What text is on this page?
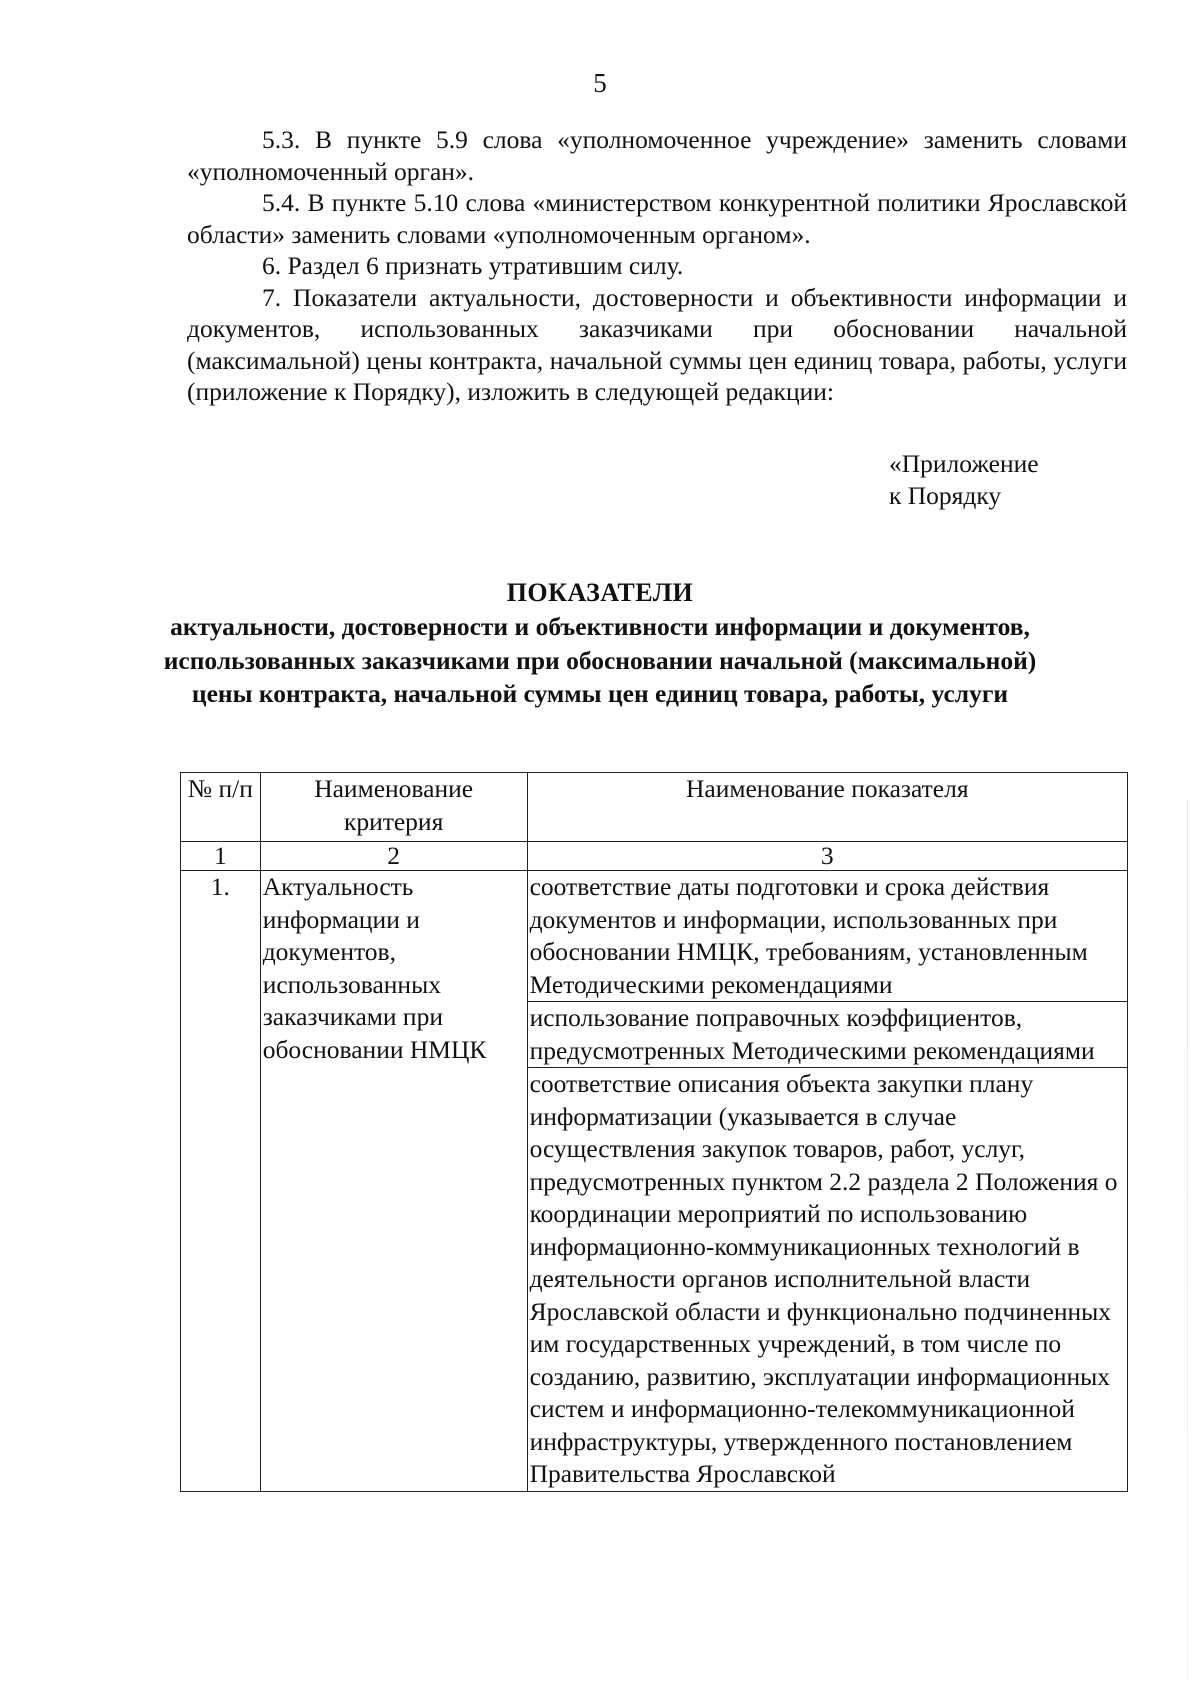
5

5.3. В пункте 5.9 слова «уполномоченное учреждение» заменить словами «уполномоченный орган».

5.4. В пункте 5.10 слова «министерством конкурентной политики Ярославской области» заменить словами «уполномоченным органом».

6. Раздел 6 признать утратившим силу.

7. Показатели актуальности, достоверности и объективности информации и документов, использованных заказчиками при обосновании начальной (максимальной) цены контракта, начальной суммы цен единиц товара, работы, услуги (приложение к Порядку), изложить в следующей редакции:

«Приложение
к Порядку
ПОКАЗАТЕЛИ
актуальности, достоверности и объективности информации и документов, использованных заказчиками при обосновании начальной (максимальной) цены контракта, начальной суммы цен единиц товара, работы, услуги
№ п/п	Наименование критерия	Наименование показателя
1	2	3
1.	Актуальность информации и документов, использованных заказчиками при обосновании НМЦК	соответствие даты подготовки и срока действия документов и информации, использованных при обосновании НМЦК, требованиям, установленным Методическими рекомендациями
		использование поправочных коэффициентов, предусмотренных Методическими рекомендациями
		соответствие описания объекта закупки плану информатизации (указывается в случае осуществления закупок товаров, работ, услуг, предусмотренных пунктом 2.2 раздела 2 Положения о координации мероприятий по использованию информационно-коммуникационных технологий в деятельности органов исполнительной власти Ярославской области и функционально подчиненных им государственных учреждений, в том числе по созданию, развитию, эксплуатации информационных систем и информационно-телекоммуникационной инфраструктуры, утвержденного постановлением Правительства Ярославской
